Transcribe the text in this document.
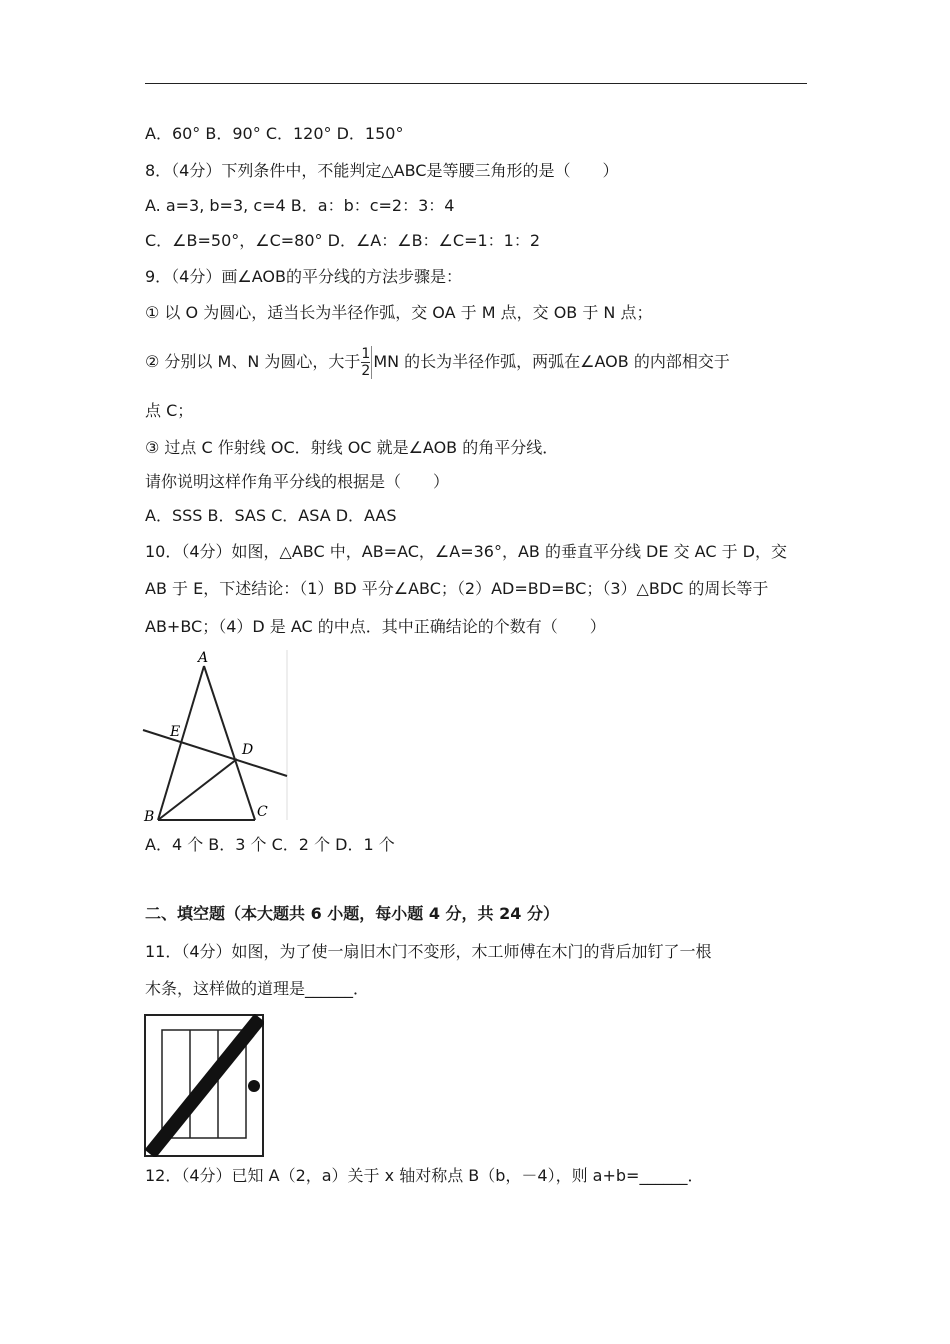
A．60° B．90° C．120° D．150°
8．（4分）下列条件中，不能判定△ABC是等腰三角形的是（　　）
A. a=3, b=3, c=4 B．a：b：c=2：3：4
C．∠B=50°，∠C=80° D．∠A：∠B：∠C=1：1：2
9．（4分）画∠AOB的平分线的方法步骤是：
① 以 O 为圆心，适当长为半径作弧，交 OA 于 M 点，交 OB 于 N 点；
② 分别以 M、N 为圆心，大于 $\frac{1}{2}$ MN 的长为半径作弧，两弧在∠AOB 的内部相交于
点 C；
③ 过点 C 作射线 OC．射线 OC 就是∠AOB 的角平分线．
请你说明这样作角平分线的根据是（　　）
A．SSS B．SAS C．ASA D．AAS
10．（4分）如图，△ABC 中，AB=AC，∠A=36°，AB 的垂直平分线 DE 交 AC 于 D，交
AB 于 E，下述结论：（1）BD 平分∠ABC；（2）AD=BD=BC；（3）△BDC 的周长等于
AB+BC；（4）D 是 AC 的中点．其中正确结论的个数有（　　）
A
E
D
B	C
A．4 个 B．3 个 C．2 个 D．1 个
二、填空题（本大题共 6 小题，每小题 4 分，共 24 分）
11．（4分）如图，为了使一扇旧木门不变形，木工师傅在木门的背后加钉了一根
木条，这样做的道理是______．
12．（4分）已知 A（2，a）关于 x 轴对称点 B（b，－4），则 a+b=______．
